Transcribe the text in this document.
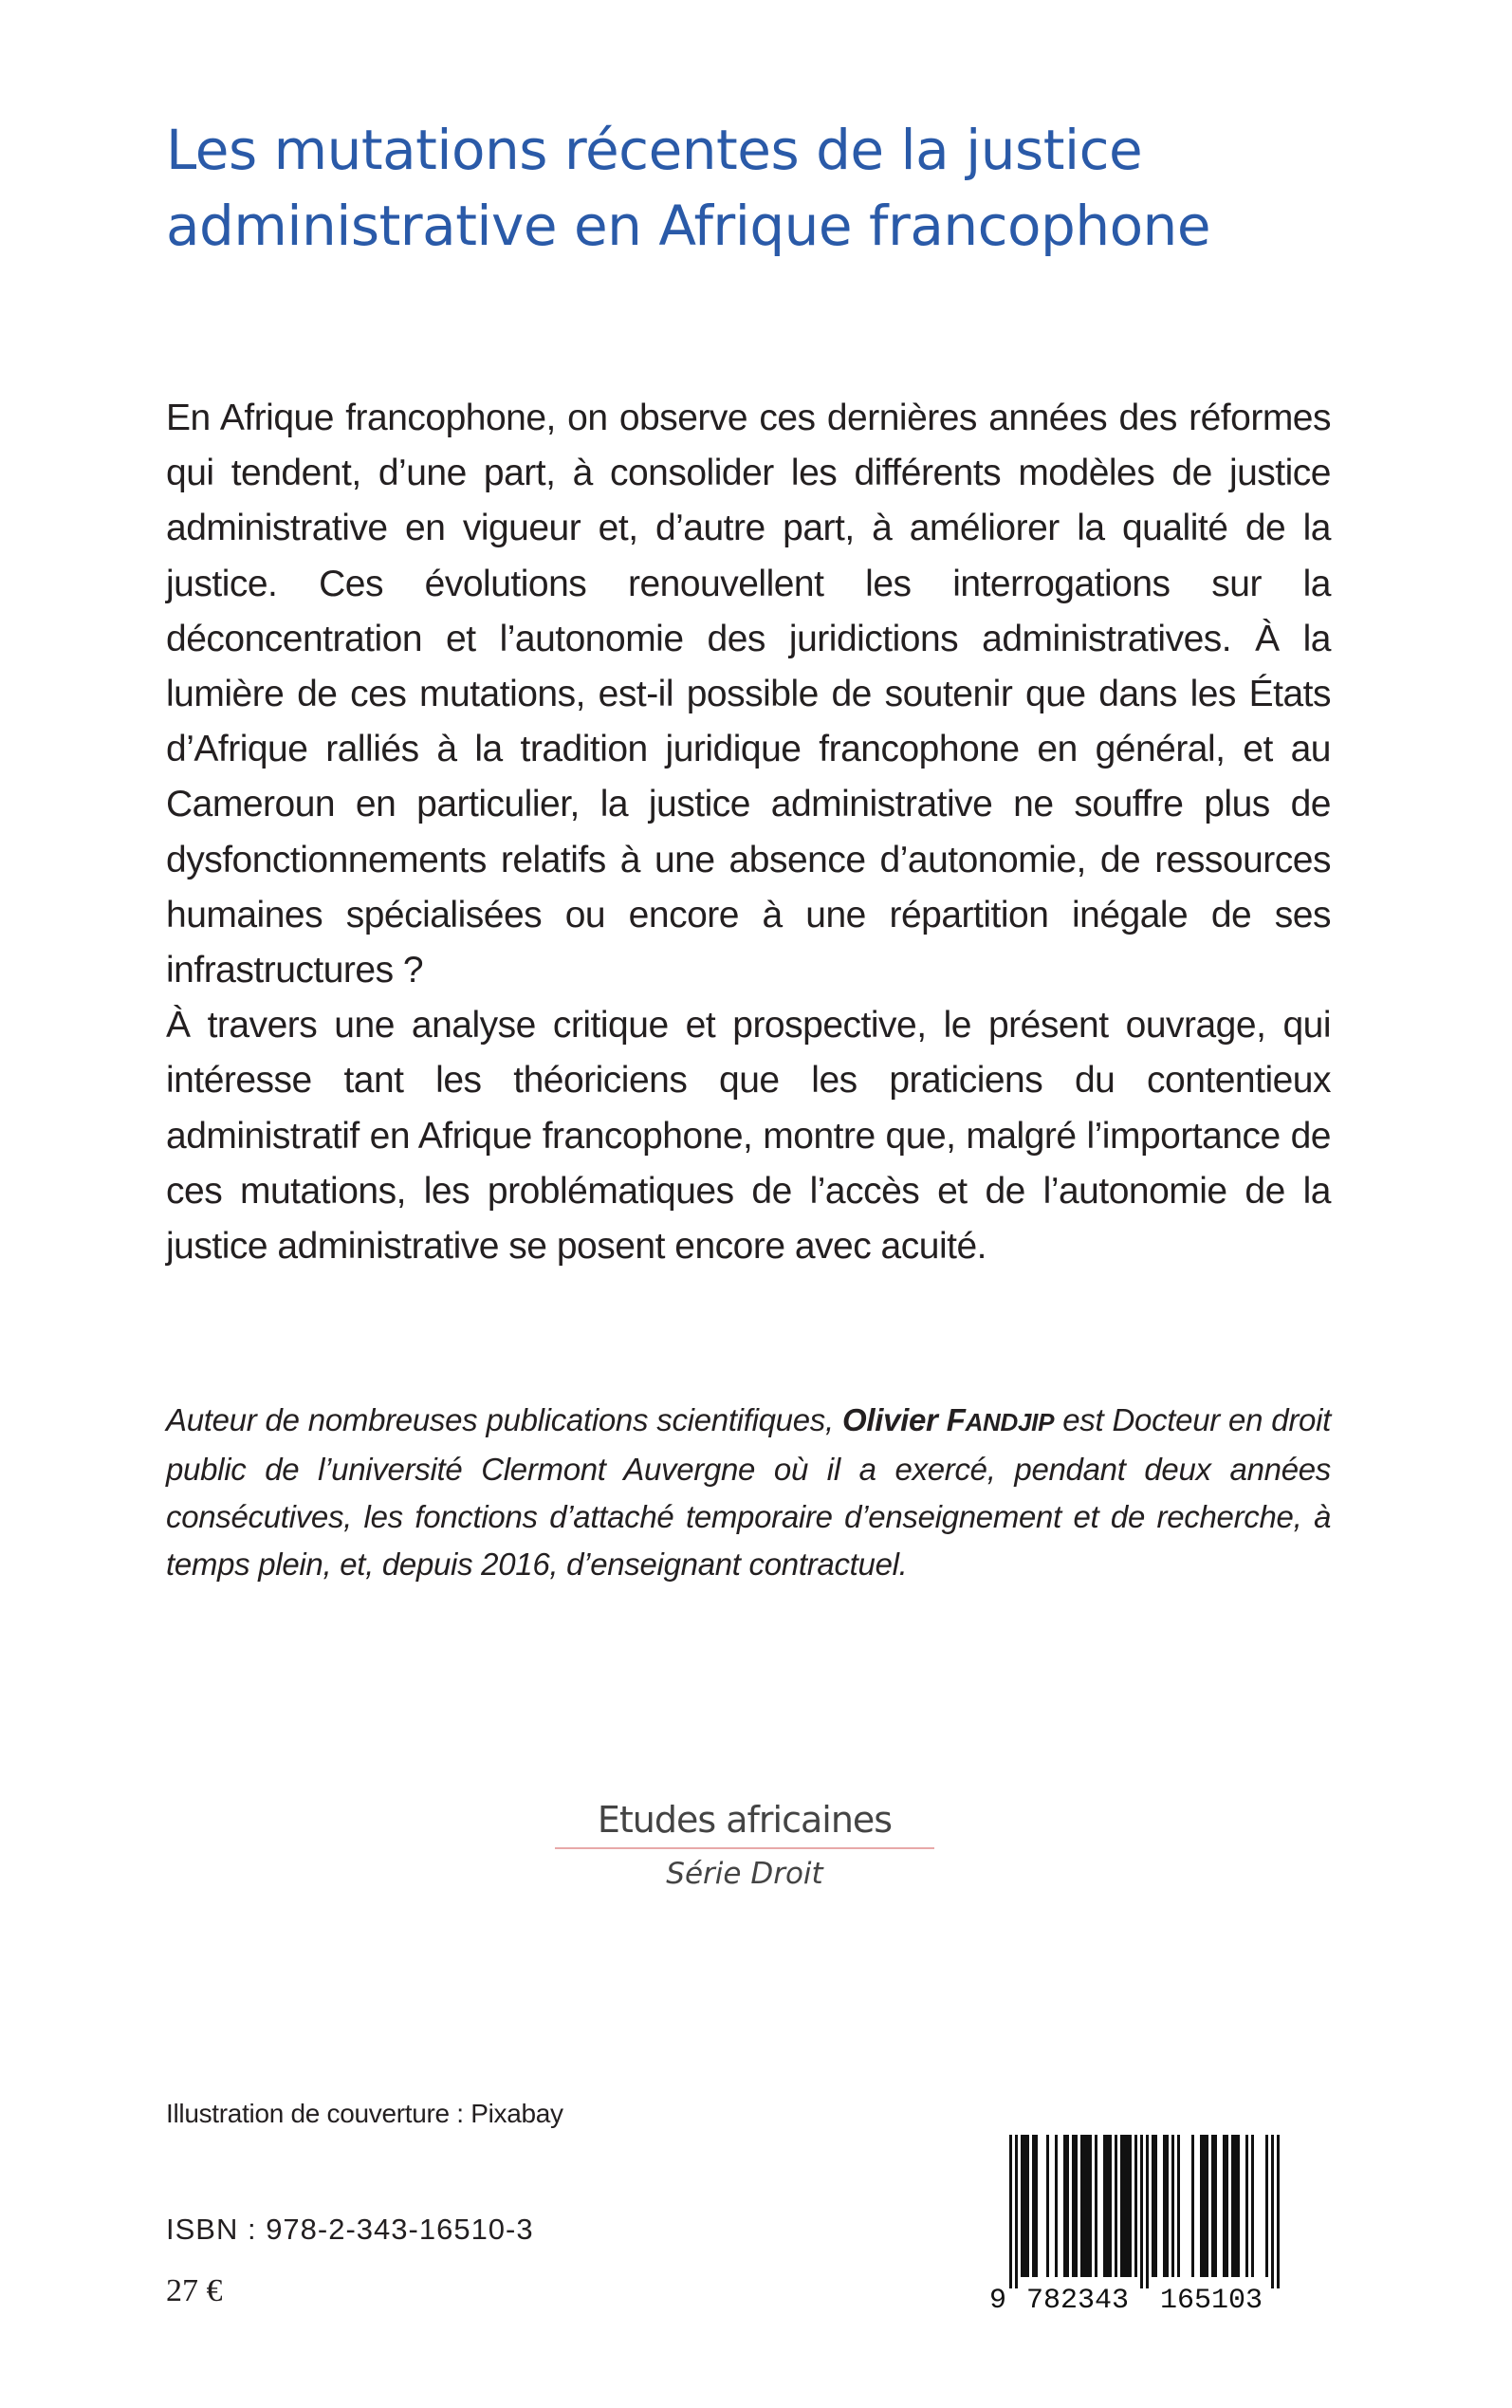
Les mutations récentes de la justice
administrative en Afrique francophone

En Afrique francophone, on observe ces dernières années des réformes qui tendent, d’une part, à consolider les différents modèles de justice administrative en vigueur et, d’autre part, à améliorer la qualité de la justice. Ces évolutions renouvellent les interrogations sur la déconcentration et l’autonomie des juridictions administratives. À la lumière de ces mutations, est-il possible de soutenir que dans les États d’Afrique ralliés à la tradition juridique francophone en général, et au Cameroun en particulier, la justice administrative ne souffre plus de dysfonctionnements relatifs à une absence d’autonomie, de ressources humaines spécialisées ou encore à une répartition inégale de ses infrastructures ?

À travers une analyse critique et prospective, le présent ouvrage, qui intéresse tant les théoriciens que les praticiens du contentieux administratif en Afrique francophone, montre que, malgré l’importance de ces mutations, les problématiques de l’accès et de l’autonomie de la justice administrative se posent encore avec acuité.

Auteur de nombreuses publications scientifiques, Olivier FANDJIP est Docteur en droit public de l’université Clermont Auvergne où il a exercé, pendant deux années consécutives, les fonctions d’attaché temporaire d’enseignement et de recherche, à temps plein, et, depuis 2016, d’enseignant contractuel.

Etudes africaines
Série Droit
Illustration de couverture : Pixabay
ISBN : 978-2-343-16510-3
27 €	9 782343 165103
